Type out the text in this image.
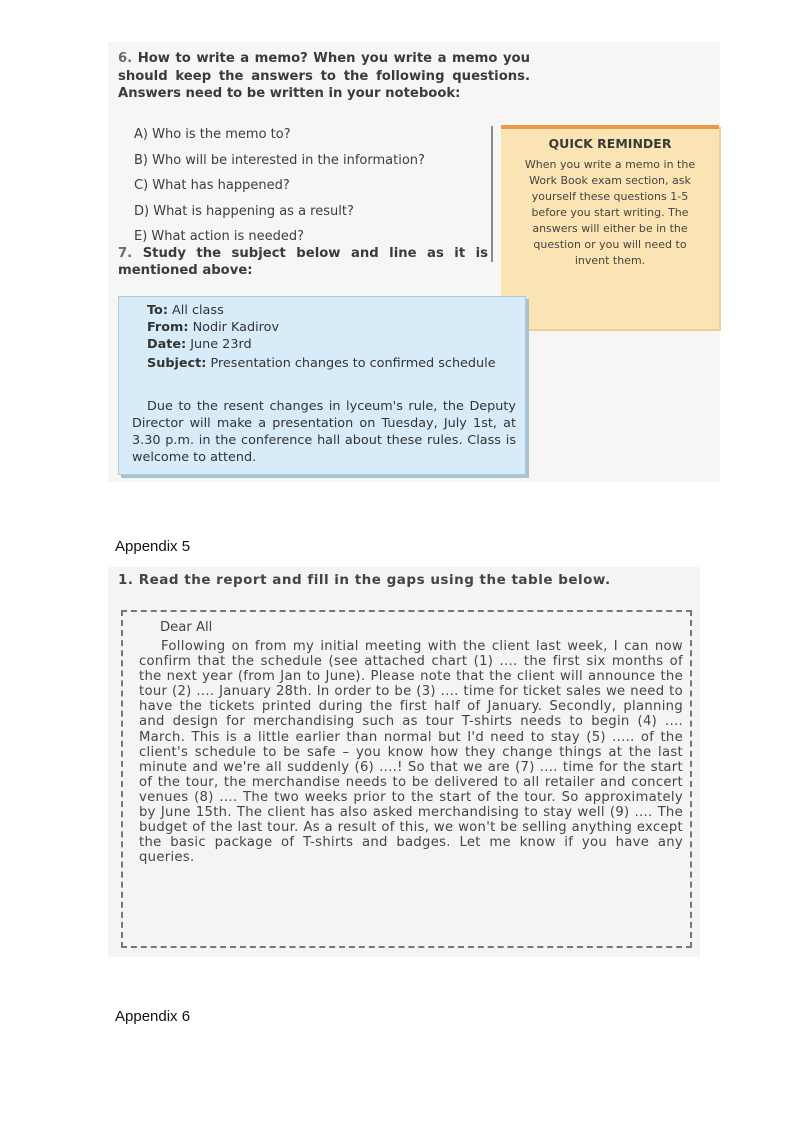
6. How to write a memo? When you write a memo you should keep the answers to the following questions. Answers need to be written in your notebook:
A) Who is the memo to?
B) Who will be interested in the information?
C) What has happened?
D) What is happening as a result?
E) What action is needed?
7. Study the subject below and line as it is mentioned above:
QUICK REMINDER
When you write a memo in the Work Book exam section, ask yourself these questions 1-5 before you start writing. The answers will either be in the question or you will need to invent them.
To: All class
From: Nodir Kadirov
Date: June 23rd
Subject: Presentation changes to confirmed schedule
Due to the resent changes in lyceum's rule, the Deputy Director will make a presentation on Tuesday, July 1st, at 3.30 p.m. in the conference hall about these rules. Class is welcome to attend.
Appendix 5
1. Read the report and fill in the gaps using the table below.
Dear All
Following on from my initial meeting with the client last week, I can now confirm that the schedule (see attached chart (1) .... the first six months of the next year (from Jan to June). Please note that the client will announce the tour (2) .... January 28th. In order to be (3) .... time for ticket sales we need to have the tickets printed during the first half of January. Secondly, planning and design for merchandising such as tour T-shirts needs to begin (4) .... March. This is a little earlier than normal but I'd need to stay (5) ..... of the client's schedule to be safe – you know how they change things at the last minute and we're all suddenly (6) ....! So that we are (7) .... time for the start of the tour, the merchandise needs to be delivered to all retailer and concert venues (8) .... The two weeks prior to the start of the tour. So approximately by June 15th. The client has also asked merchandising to stay well (9) .... The budget of the last tour. As a result of this, we won't be selling anything except the basic package of T-shirts and badges. Let me know if you have any queries.
Appendix 6
